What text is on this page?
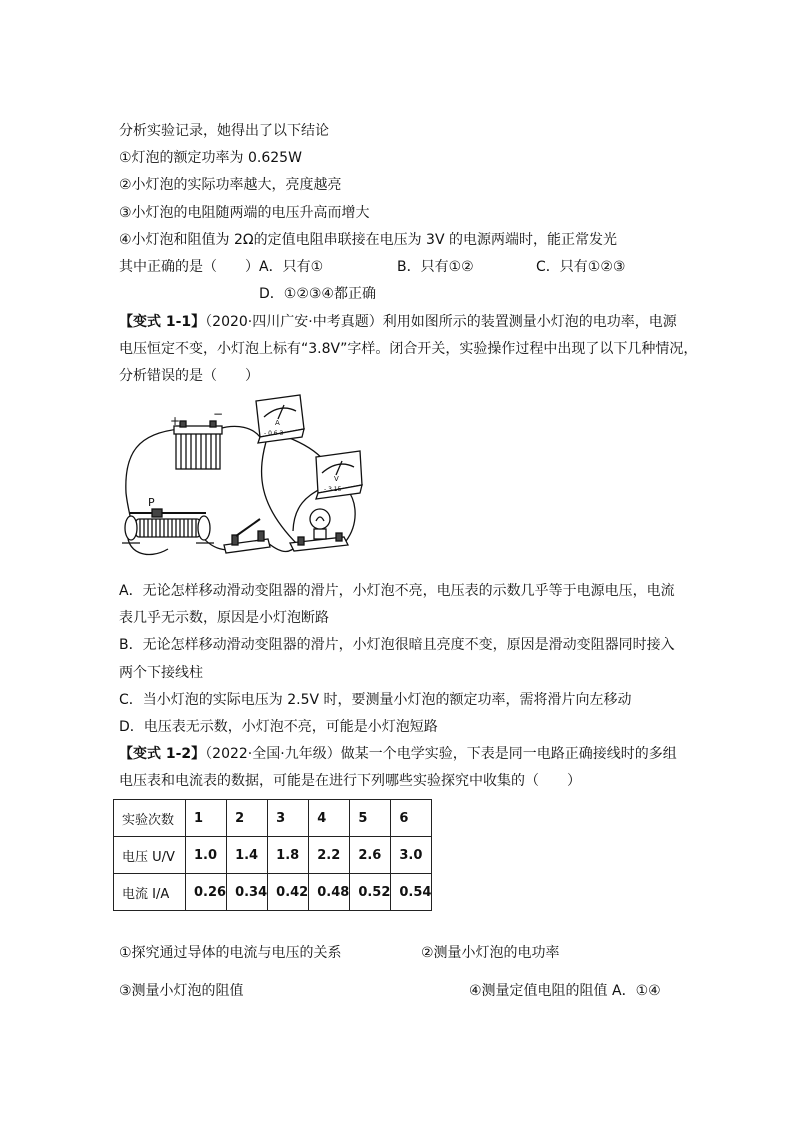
分析实验记录，她得出了以下结论
①灯泡的额定功率为 0.625W
②小灯泡的实际功率越大，亮度越亮
③小灯泡的电阻随两端的电压升高而增大
④小灯泡和阻值为 2Ω的定值电阻串联接在电压为 3V 的电源两端时，能正常发光
其中正确的是（　　） A．只有①	B．只有①②	C．只有①②③
D．①②③④都正确
【变式 1-1】（2020·四川广安·中考真题）利用如图所示的装置测量小灯泡的电功率，电源
电压恒定不变，小灯泡上标有“3.8V”字样。闭合开关，实验操作过程中出现了以下几种情况，
分析错误的是（　　）
+	−
A
- 0.6 3
V
- 3 15
P
A．无论怎样移动滑动变阻器的滑片，小灯泡不亮，电压表的示数几乎等于电源电压，电流
表几乎无示数，原因是小灯泡断路
B．无论怎样移动滑动变阻器的滑片，小灯泡很暗且亮度不变，原因是滑动变阻器同时接入
两个下接线柱
C．当小灯泡的实际电压为 2.5V 时，要测量小灯泡的额定功率，需将滑片向左移动
D．电压表无示数，小灯泡不亮，可能是小灯泡短路
【变式 1-2】（2022·全国·九年级）做某一个电学实验，下表是同一电路正确接线时的多组
电压表和电流表的数据，可能是在进行下列哪些实验探究中收集的（　　）
实验次数	1	2	3	4	5	6
电压 U/V	1.0	1.4	1.8	2.2	2.6	3.0
电流 I/A	0.26	0.34	0.42	0.48	0.52	0.54
①探究通过导体的电流与电压的关系	②测量小灯泡的电功率
③测量小灯泡的阻值	④测量定值电阻的阻值 A．①④
